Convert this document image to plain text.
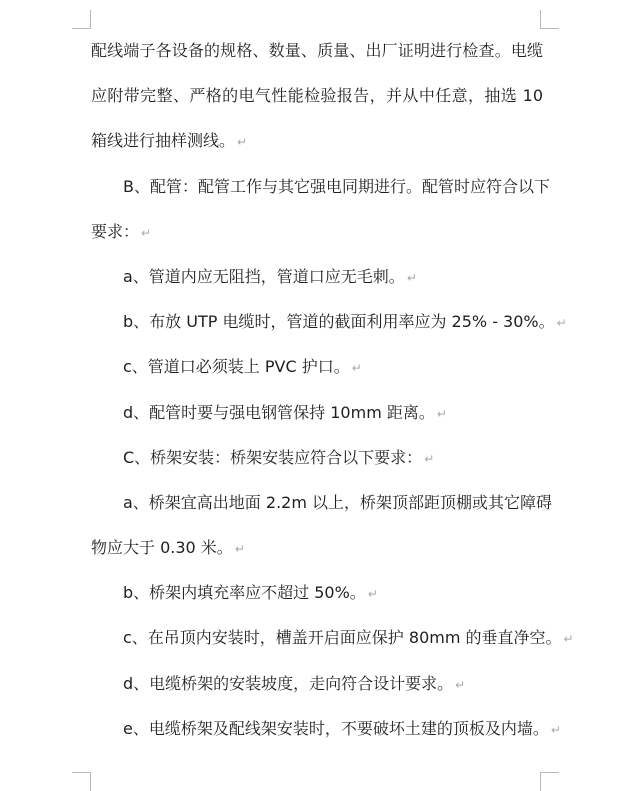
配线端子各设备的规格、数量、质量、出厂证明进行检查。电缆
应附带完整、严格的电气性能检验报告，并从中任意，抽选 10
箱线进行抽样测线。 ↵
B、配管：配管工作与其它强电同期进行。配管时应符合以下
要求： ↵
a、管道内应无阻挡，管道口应无毛刺。 ↵
b、布放 UTP 电缆时，管道的截面利用率应为 25% - 30%。 ↵
c、管道口必须装上 PVC 护口。 ↵
d、配管时要与强电钢管保持 10mm 距离。 ↵
C、桥架安装：桥架安装应符合以下要求： ↵
a、桥架宜高出地面 2.2m 以上，桥架顶部距顶棚或其它障碍
物应大于 0.30 米。 ↵
b、桥架内填充率应不超过 50%。 ↵
c、在吊顶内安装时，槽盖开启面应保护 80mm 的垂直净空。 ↵
d、电缆桥架的安装坡度，走向符合设计要求。 ↵
e、电缆桥架及配线架安装时，不要破坏土建的顶板及内墙。 ↵
